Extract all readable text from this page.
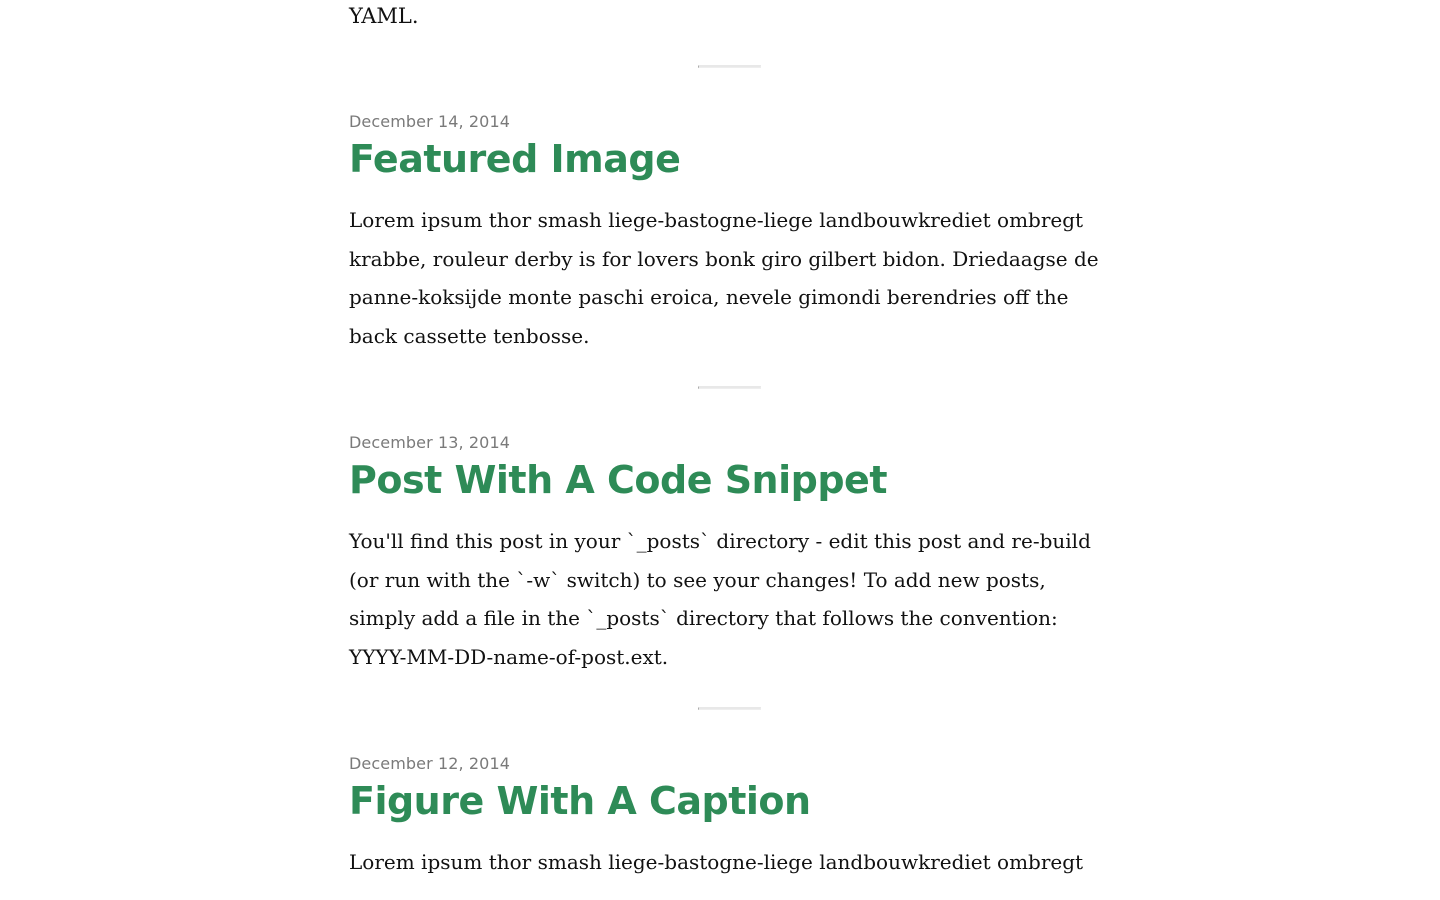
YAML.

December 14, 2014
Featured Image

Lorem ipsum thor smash liege-bastogne-liege landbouwkrediet ombregt krabbe, rouleur derby is for lovers bonk giro gilbert bidon. Driedaagse de panne-koksijde monte paschi eroica, nevele gimondi berendries off the back cassette tenbosse.

December 13, 2014
Post With A Code Snippet

You'll find this post in your `_posts` directory - edit this post and re-build (or run with the `-w` switch) to see your changes! To add new posts, simply add a file in the `_posts` directory that follows the convention: YYYY-MM-DD-name-of-post.ext.

December 12, 2014
Figure With A Caption

Lorem ipsum thor smash liege-bastogne-liege landbouwkrediet ombregt
